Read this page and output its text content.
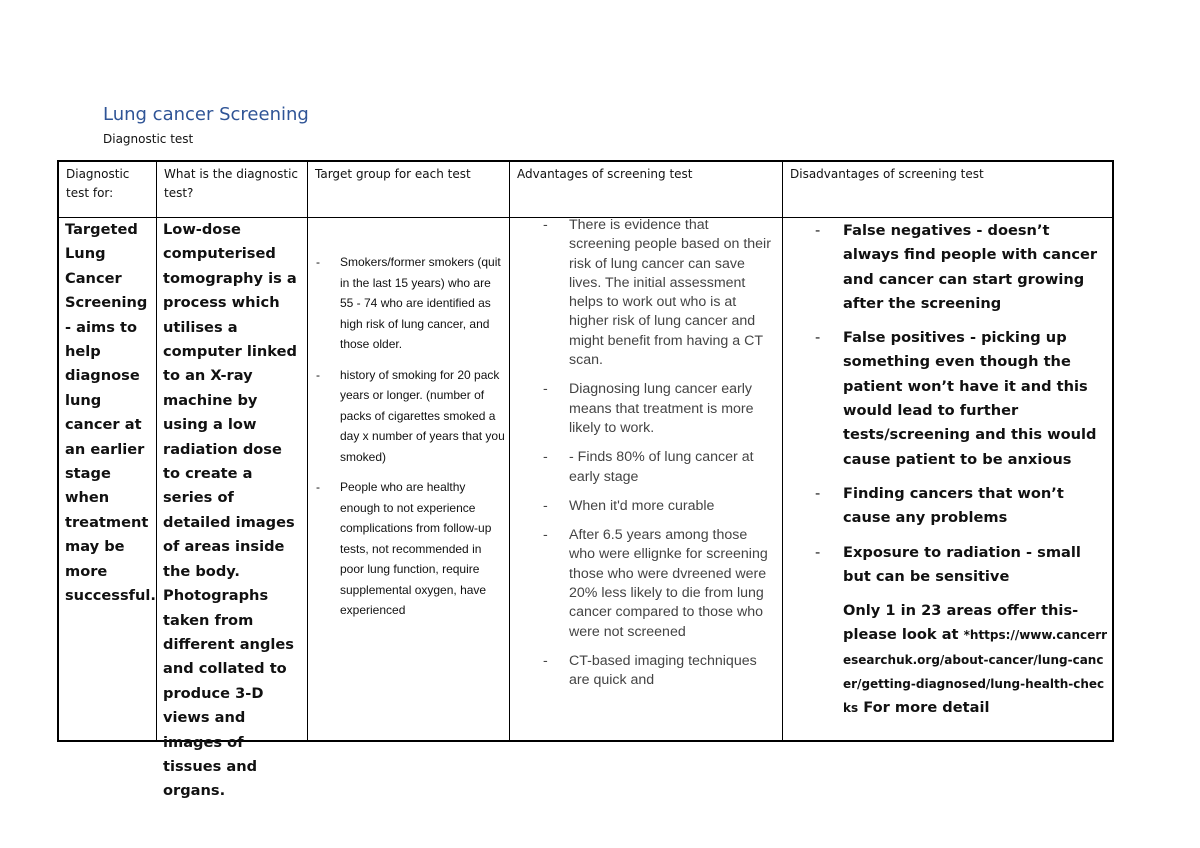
Lung cancer Screening
Diagnostic test
Diagnostic test for:
Targeted Lung Cancer Screening - aims to help diagnose lung cancer at an earlier stage when treatment may be more successful.
What is the diagnostic test?
Low-dose computerised tomography is a process which utilises a computer linked to an X-ray machine by using a low radiation dose to create a series of detailed images of areas inside the body. Photographs taken from different angles and collated to produce 3-D views and images of tissues and organs.
Target group for each test
- Smokers/former smokers (quit in the last 15 years) who are 55 - 74 who are identified as high risk of lung cancer, and those older.
- history of smoking for 20 pack years or longer. (number of packs of cigarettes smoked a day x number of years that you smoked)
- People who are healthy enough to not experience complications from follow-up tests, not recommended in poor lung function, require supplemental oxygen, have experienced
Advantages of screening test
- There is evidence that screening people based on their risk of lung cancer can save lives. The initial assessment helps to work out who is at higher risk of lung cancer and might benefit from having a CT scan.
- Diagnosing lung cancer early means that treatment is more likely to work.
- - Finds 80% of lung cancer at early stage
- When it'd more curable
- After 6.5 years among those who were ellignke for screening those who were dvreened were 20% less likely to die from lung cancer compared to those who were not screened
- CT-based imaging techniques are quick and
Disadvantages of screening test
- False negatives - doesn’t always find people with cancer and cancer can start growing after the screening
- False positives - picking up something even though the patient won’t have it and this would lead to further tests/screening and this would cause patient to be anxious
- Finding cancers that won’t cause any problems
- Exposure to radiation - small but can be sensitive
Only 1 in 23 areas offer this- please look at *https://www.cancerresearchuk.org/about-cancer/lung-cancer/getting-diagnosed/lung-health-checks For more detail
